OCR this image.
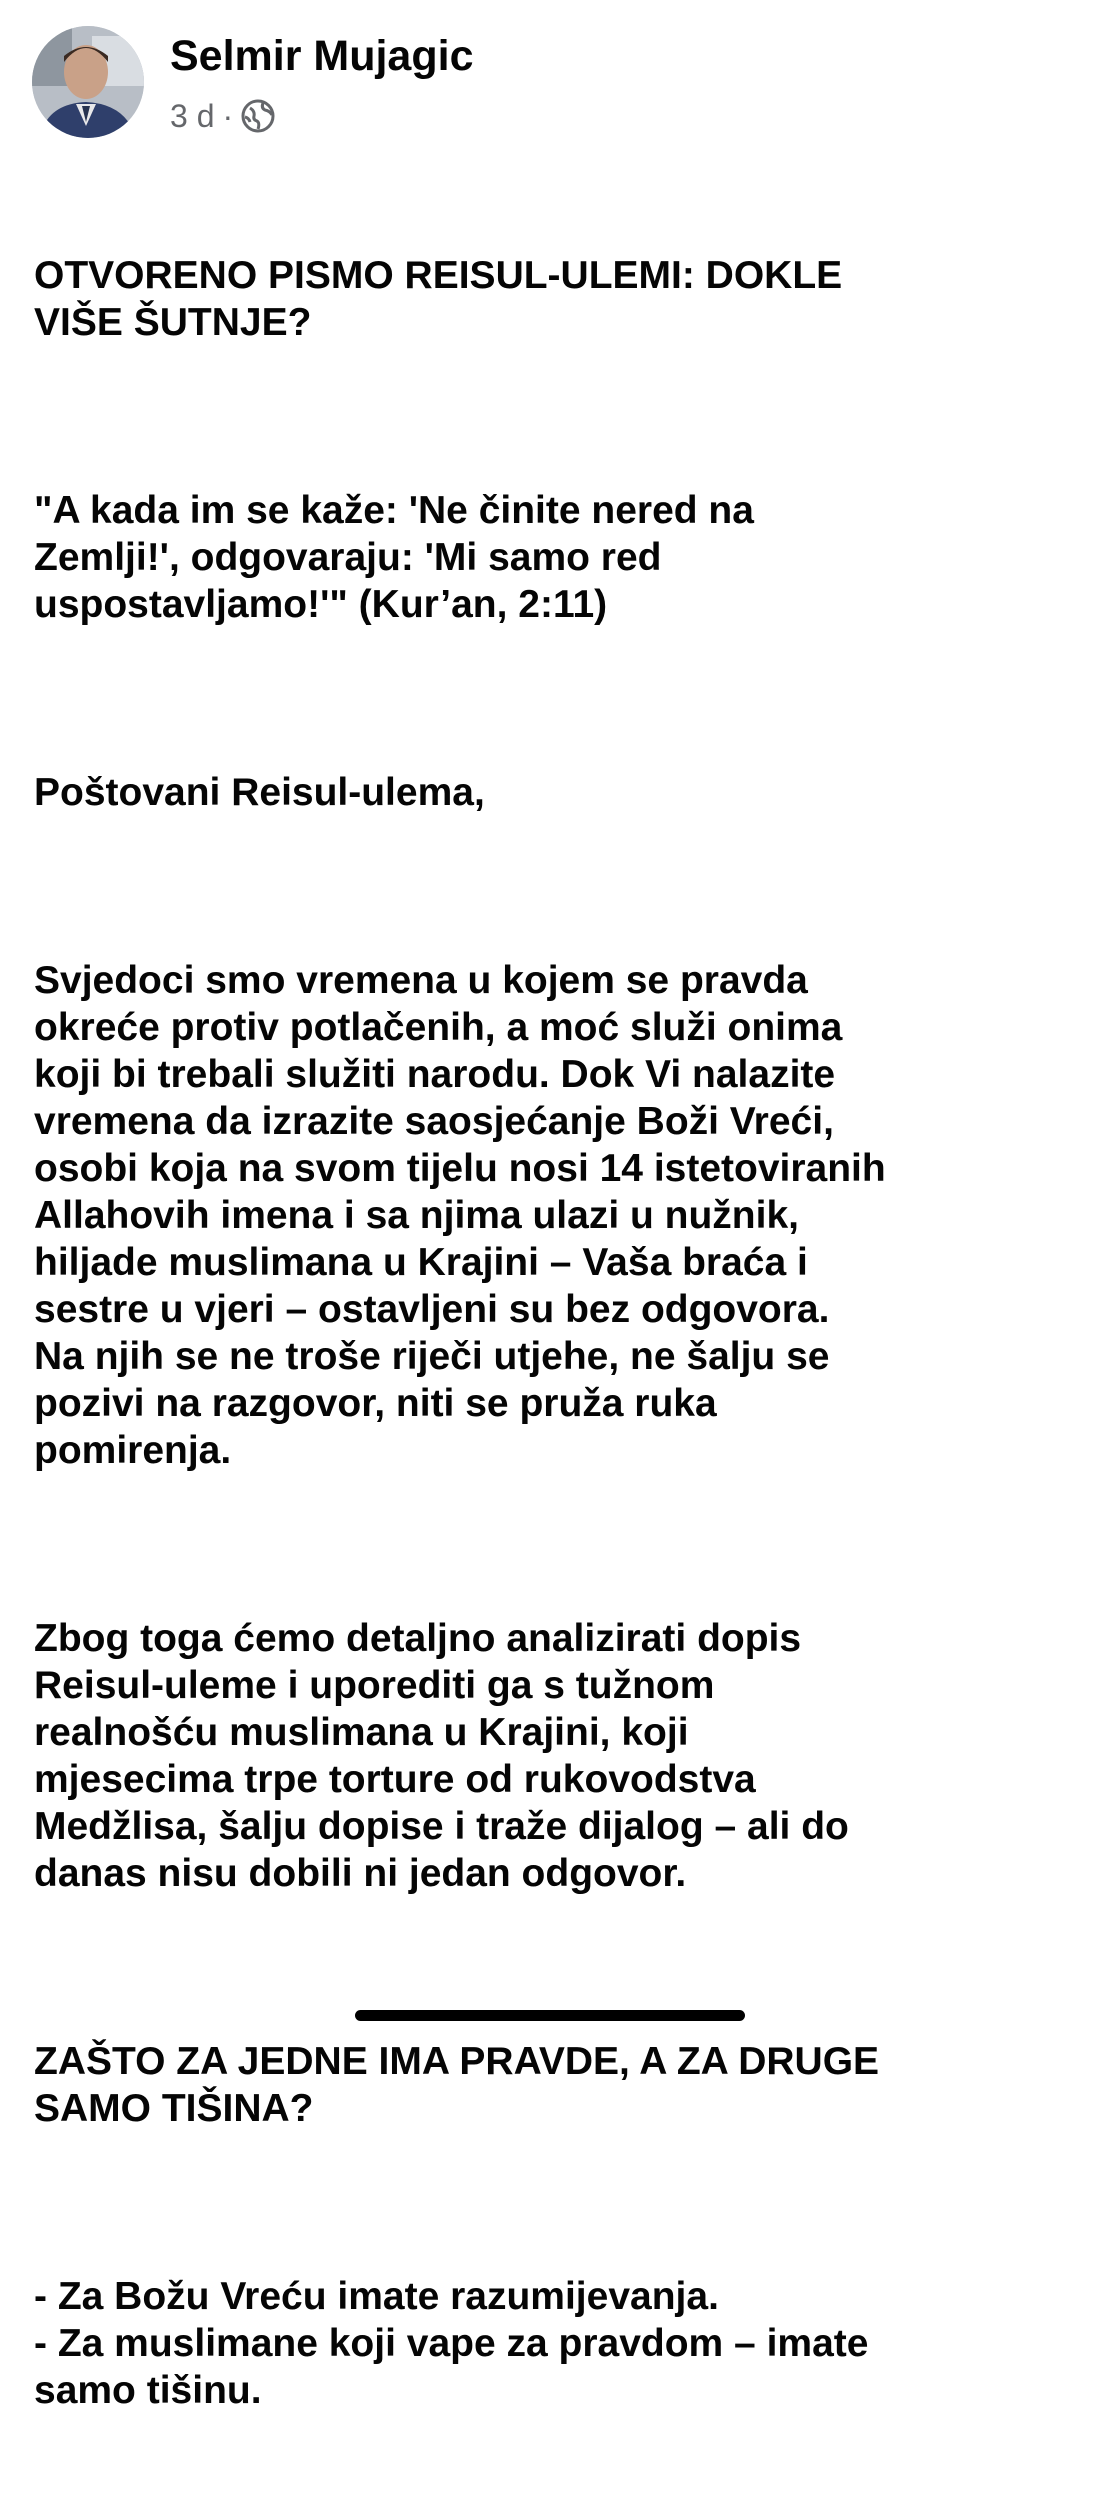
Selmir Mujagic
3 d ·

OTVORENO PISMO REISUL-ULEMI: DOKLE
VIŠE ŠUTNJE?

"A kada im se kaže: 'Ne činite nered na
Zemlji!', odgovaraju: 'Mi samo red
uspostavljamo!'" (Kur’an, 2:11)

Poštovani Reisul-ulema,

Svjedoci smo vremena u kojem se pravda
okreće protiv potlačenih, a moć služi onima
koji bi trebali služiti narodu. Dok Vi nalazite
vremena da izrazite saosjećanje Boži Vreći,
osobi koja na svom tijelu nosi 14 istetoviranih
Allahovih imena i sa njima ulazi u nužnik,
hiljade muslimana u Krajini – Vaša braća i
sestre u vjeri – ostavljeni su bez odgovora.
Na njih se ne troše riječi utjehe, ne šalju se
pozivi na razgovor, niti se pruža ruka
pomirenja.

Zbog toga ćemo detaljno analizirati dopis
Reisul-uleme i uporediti ga s tužnom
realnošću muslimana u Krajini, koji
mjesecima trpe torture od rukovodstva
Medžlisa, šalju dopise i traže dijalog – ali do
danas nisu dobili ni jedan odgovor.

ZAŠTO ZA JEDNE IMA PRAVDE, A ZA DRUGE
SAMO TIŠINA?

- Za Božu Vreću imate razumijevanja.
- Za muslimane koji vape za pravdom – imate
samo tišinu.
